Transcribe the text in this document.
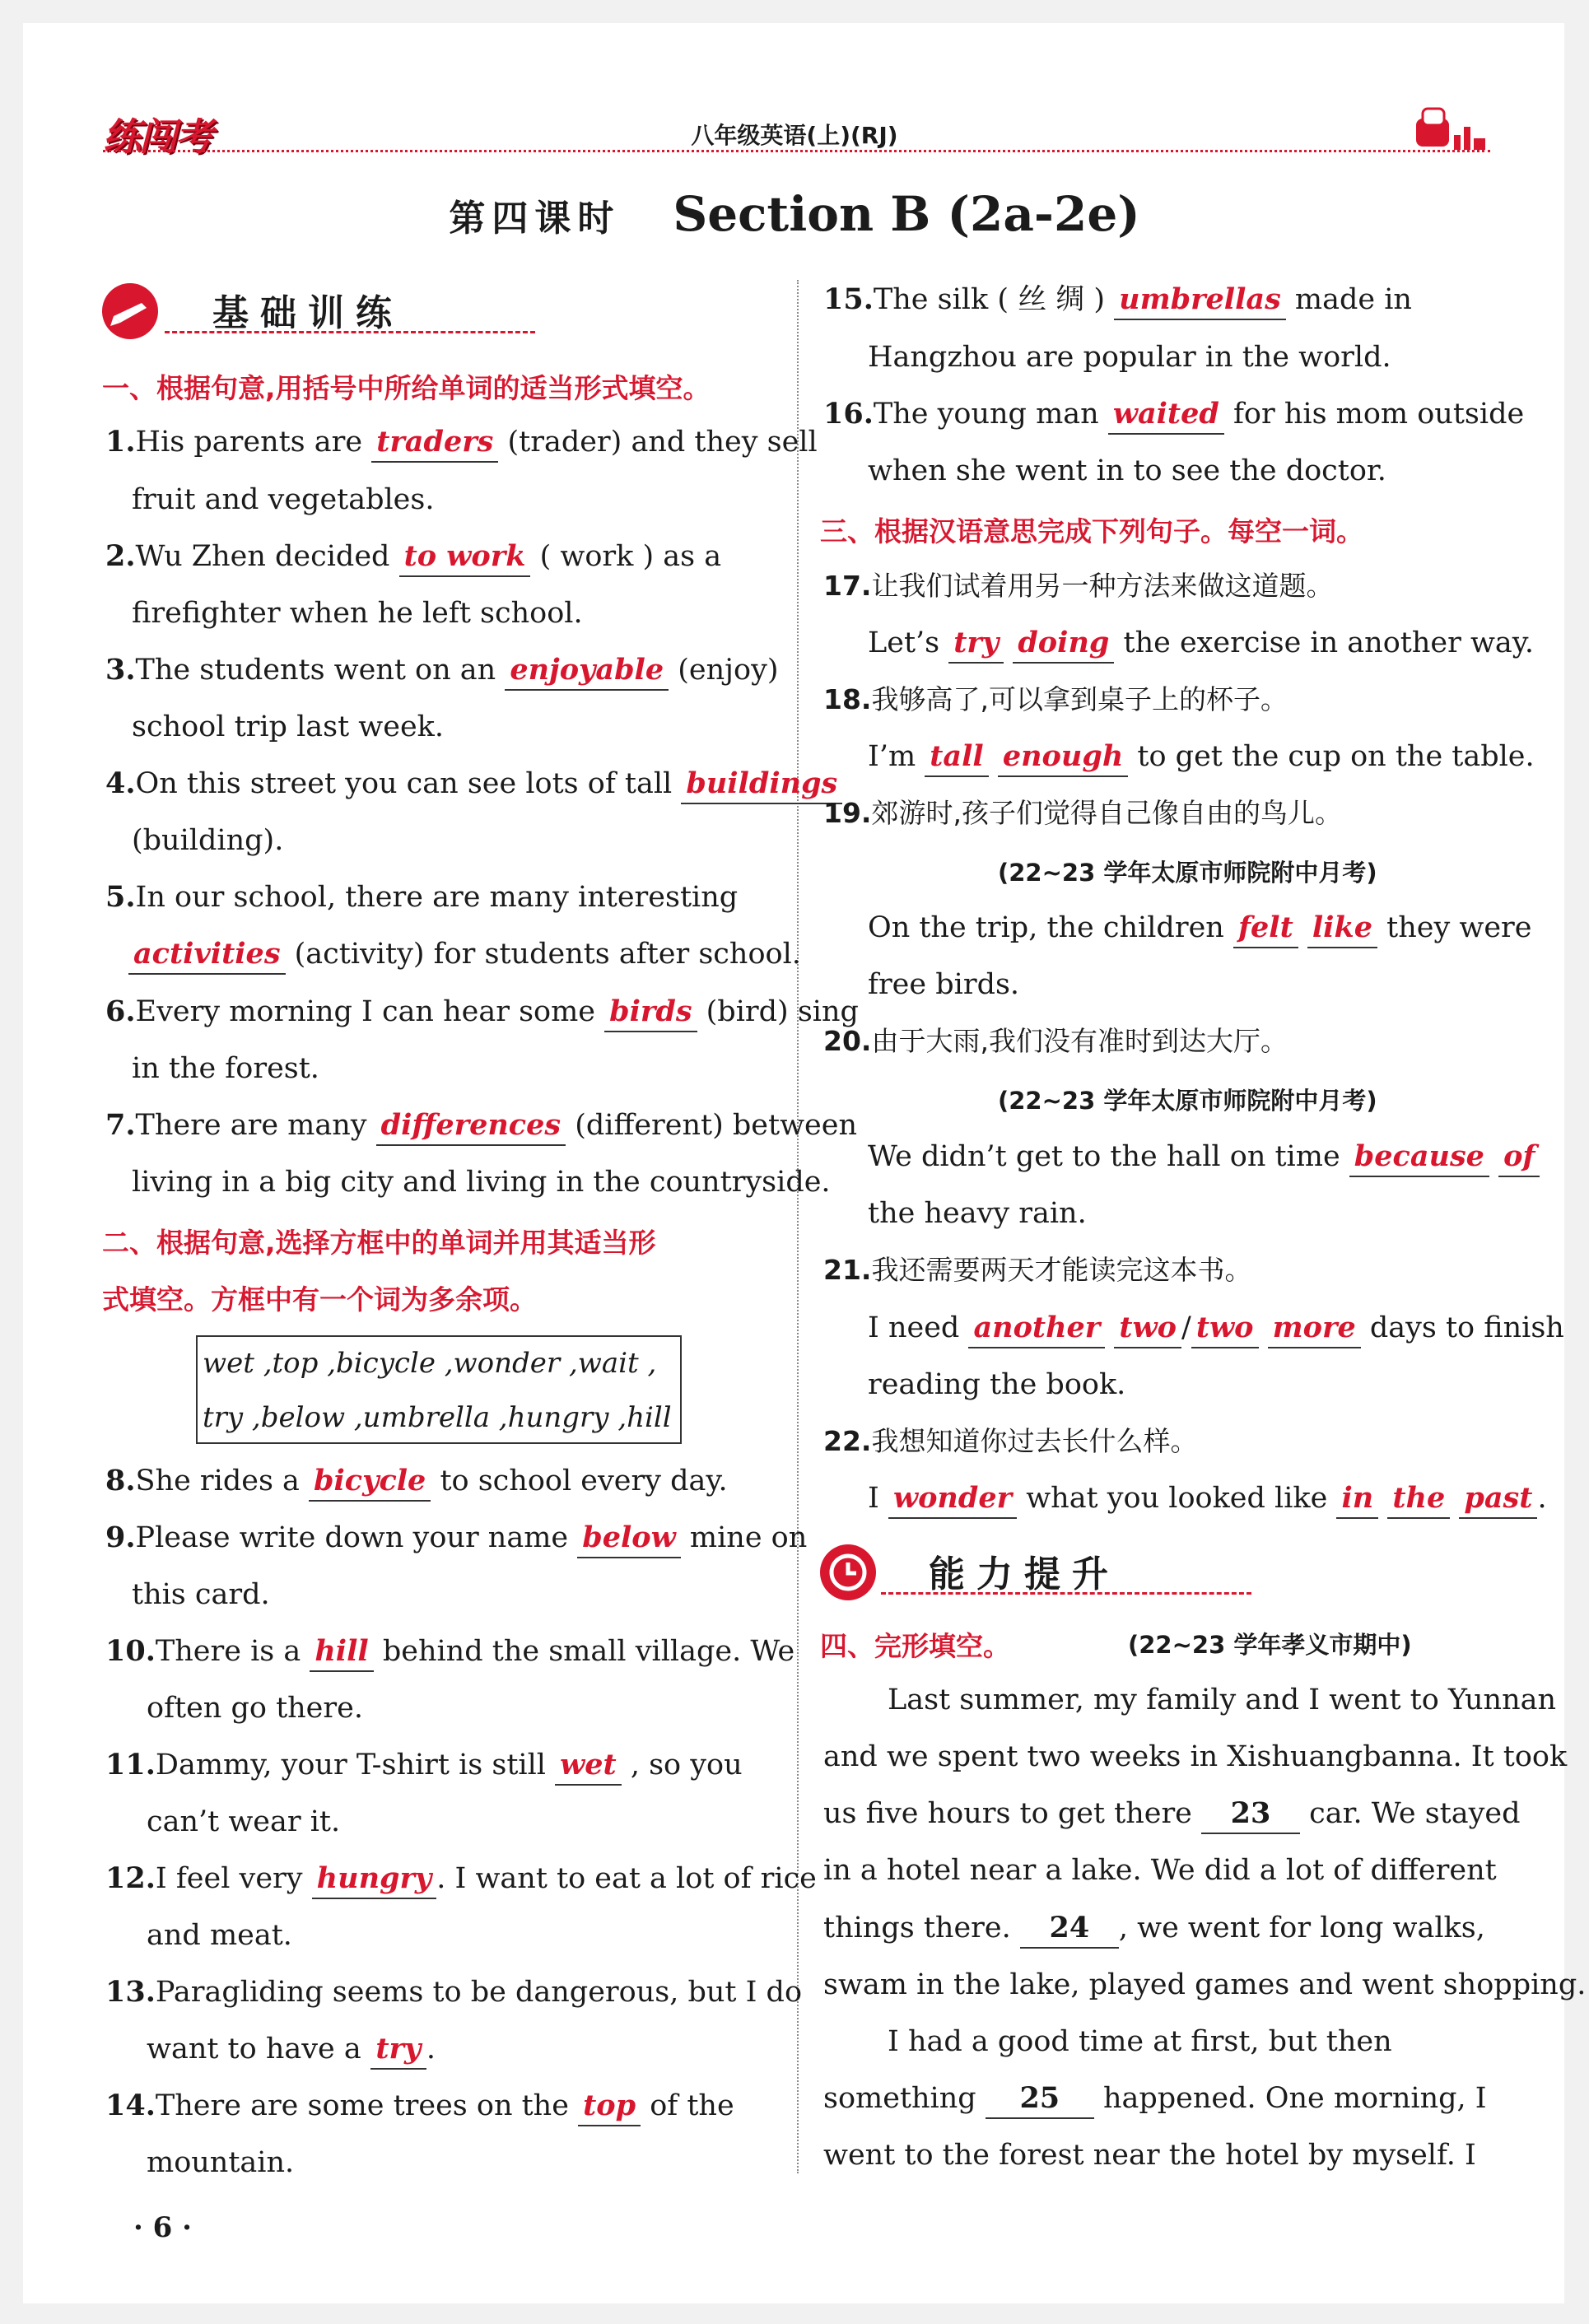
练闯考	八年级英语(上)(RJ)
第四课时 Section B (2a-2e)
基础训练
一、根据句意,用括号中所给单词的适当形式填空。
1.His parents are traders (trader) and they sell
fruit and vegetables.
2.Wu Zhen decided to work ( work ) as a
firefighter when he left school.
3.The students went on an enjoyable (enjoy)
school trip last week.
4.On this street you can see lots of tall buildings
(building).
5.In our school, there are many interesting
activities (activity) for students after school.
6.Every morning I can hear some birds (bird) sing
in the forest.
7.There are many differences (different) between
living in a big city and living in the countryside.
二、根据句意,选择方框中的单词并用其适当形
式填空。方框中有一个词为多余项。
wet ,top ,bicycle ,wonder ,wait ,
try ,below ,umbrella ,hungry ,hill
8.She rides a bicycle to school every day.
9.Please write down your name below mine on
this card.
10.There is a hill behind the small village. We
often go there.
11.Dammy, your T-shirt is still wet , so you
can’t wear it.
12.I feel very hungry . I want to eat a lot of rice
and meat.
13.Paragliding seems to be dangerous, but I do
want to have a try .
14.There are some trees on the top of the
mountain.
· 6 ·
15.The silk ( 丝 绸 ) umbrellas made in
Hangzhou are popular in the world.
16.The young man waited for his mom outside
when she went in to see the doctor.
三、根据汉语意思完成下列句子。每空一词。
17.让我们试着用另一种方法来做这道题。
Let’s try doing the exercise in another way.
18.我够高了,可以拿到桌子上的杯子。
I’m tall enough to get the cup on the table.
19.郊游时,孩子们觉得自己像自由的鸟儿。
(22~23 学年太原市师院附中月考)
On the trip, the children felt like they were
free birds.
20.由于大雨,我们没有准时到达大厅。
(22~23 学年太原市师院附中月考)
We didn’t get to the hall on time because of
the heavy rain.
21.我还需要两天才能读完这本书。
I need another two / two more days to finish
reading the book.
22.我想知道你过去长什么样。
I wonder what you looked like in the past .
能力提升
四、完形填空。	(22~23 学年孝义市期中)
Last summer, my family and I went to Yunnan
and we spent two weeks in Xishuangbanna. It took
us five hours to get there 23 car. We stayed
in a hotel near a lake. We did a lot of different
things there. 24 , we went for long walks,
swam in the lake, played games and went shopping.
I had a good time at first, but then
something 25 happened. One morning, I
went to the forest near the hotel by myself. I
